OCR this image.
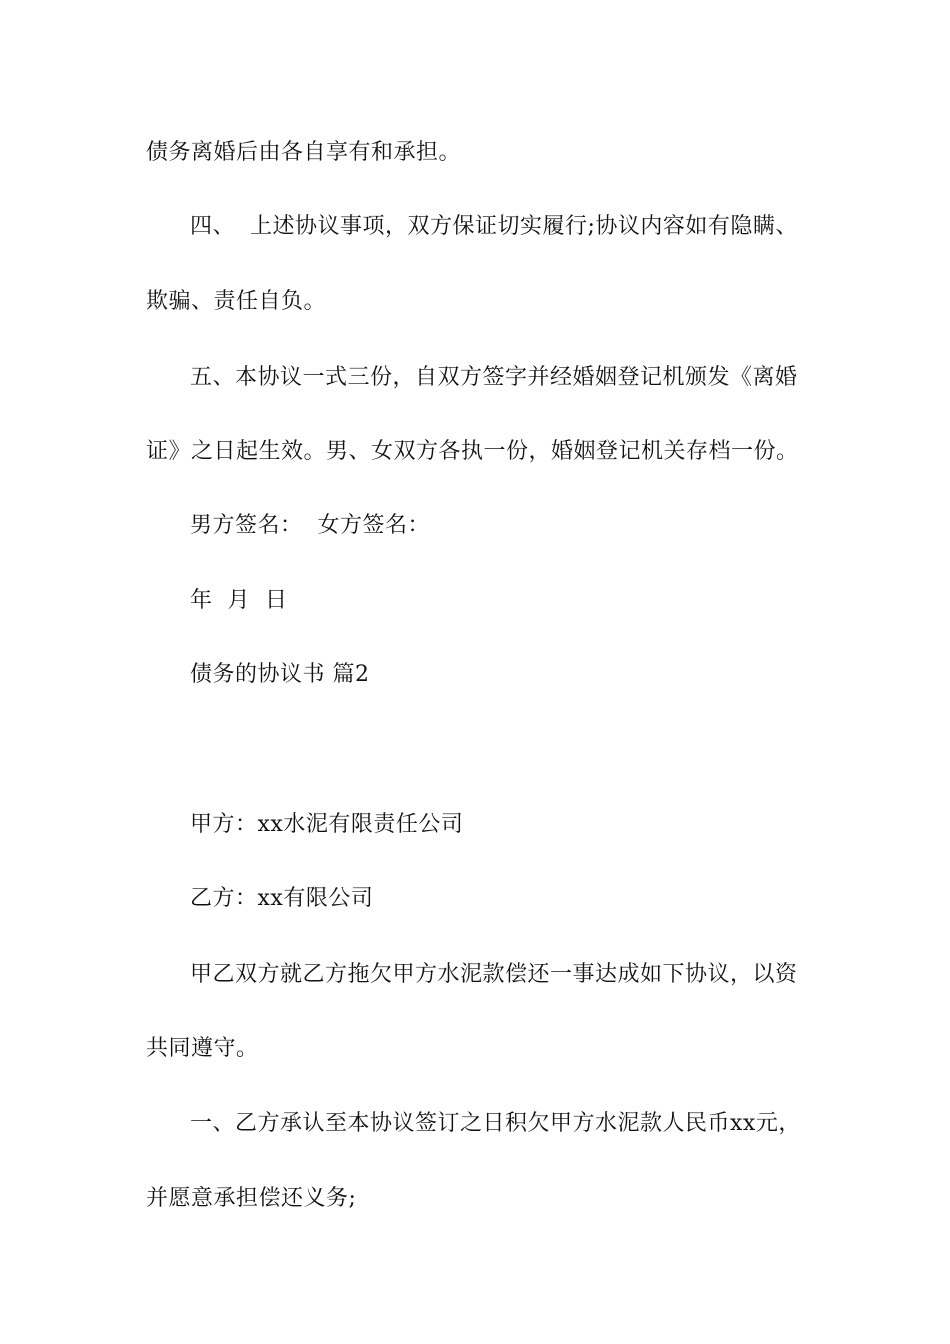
债务离婚后由各自享有和承担。
四、  上述协议事项，双方保证切实履行;协议内容如有隐瞒、
欺骗、责任自负。
五、本协议一式三份，自双方签字并经婚姻登记机颁发《离婚
证》之日起生效。男、女双方各执一份，婚姻登记机关存档一份。
男方签名：  女方签名：
年  月  日
债务的协议书 篇2
甲方：xx水泥有限责任公司
乙方：xx有限公司
甲乙双方就乙方拖欠甲方水泥款偿还一事达成如下协议，以资
共同遵守。
一、乙方承认至本协议签订之日积欠甲方水泥款人民币xx元，
并愿意承担偿还义务;
